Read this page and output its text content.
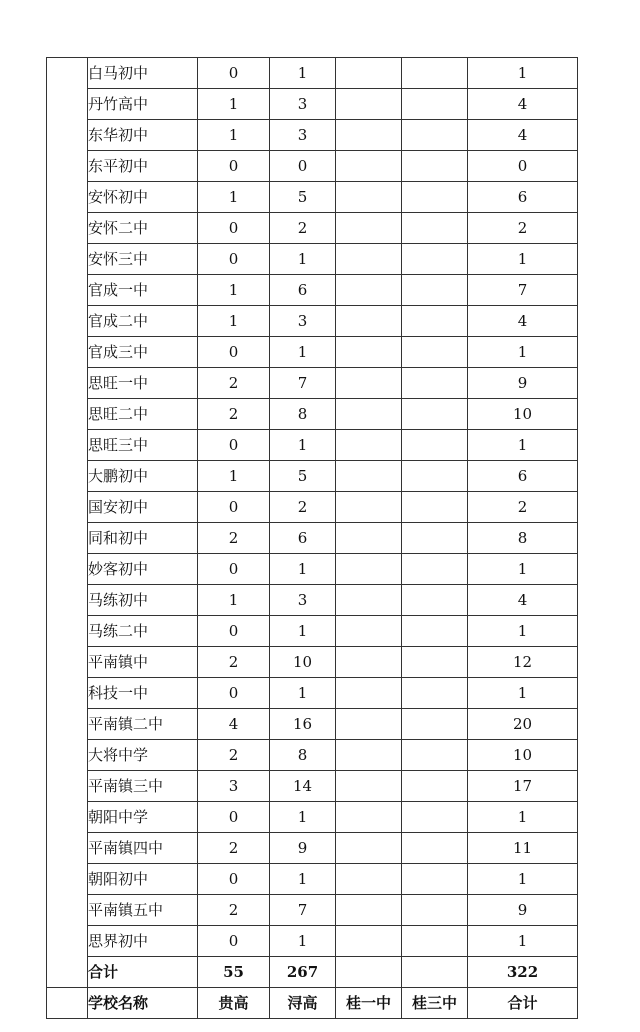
	白马初中	0	1			1
	丹竹高中	1	3			4
	东华初中	1	3			4
	东平初中	0	0			0
	安怀初中	1	5			6
	安怀二中	0	2			2
	安怀三中	0	1			1
	官成一中	1	6			7
	官成二中	1	3			4
	官成三中	0	1			1
	思旺一中	2	7			9
	思旺二中	2	8			10
	思旺三中	0	1			1
	大鹏初中	1	5			6
	国安初中	0	2			2
	同和初中	2	6			8
	妙客初中	0	1			1
	马练初中	1	3			4
	马练二中	0	1			1
	平南镇中	2	10			12
	科技一中	0	1			1
	平南镇二中	4	16			20
	大将中学	2	8			10
	平南镇三中	3	14			17
	朝阳中学	0	1			1
	平南镇四中	2	9			11
	朝阳初中	0	1			1
	平南镇五中	2	7			9
	思界初中	0	1			1
	合计	55	267			322
	学校名称	贵高	浔高	桂一中	桂三中	合计
